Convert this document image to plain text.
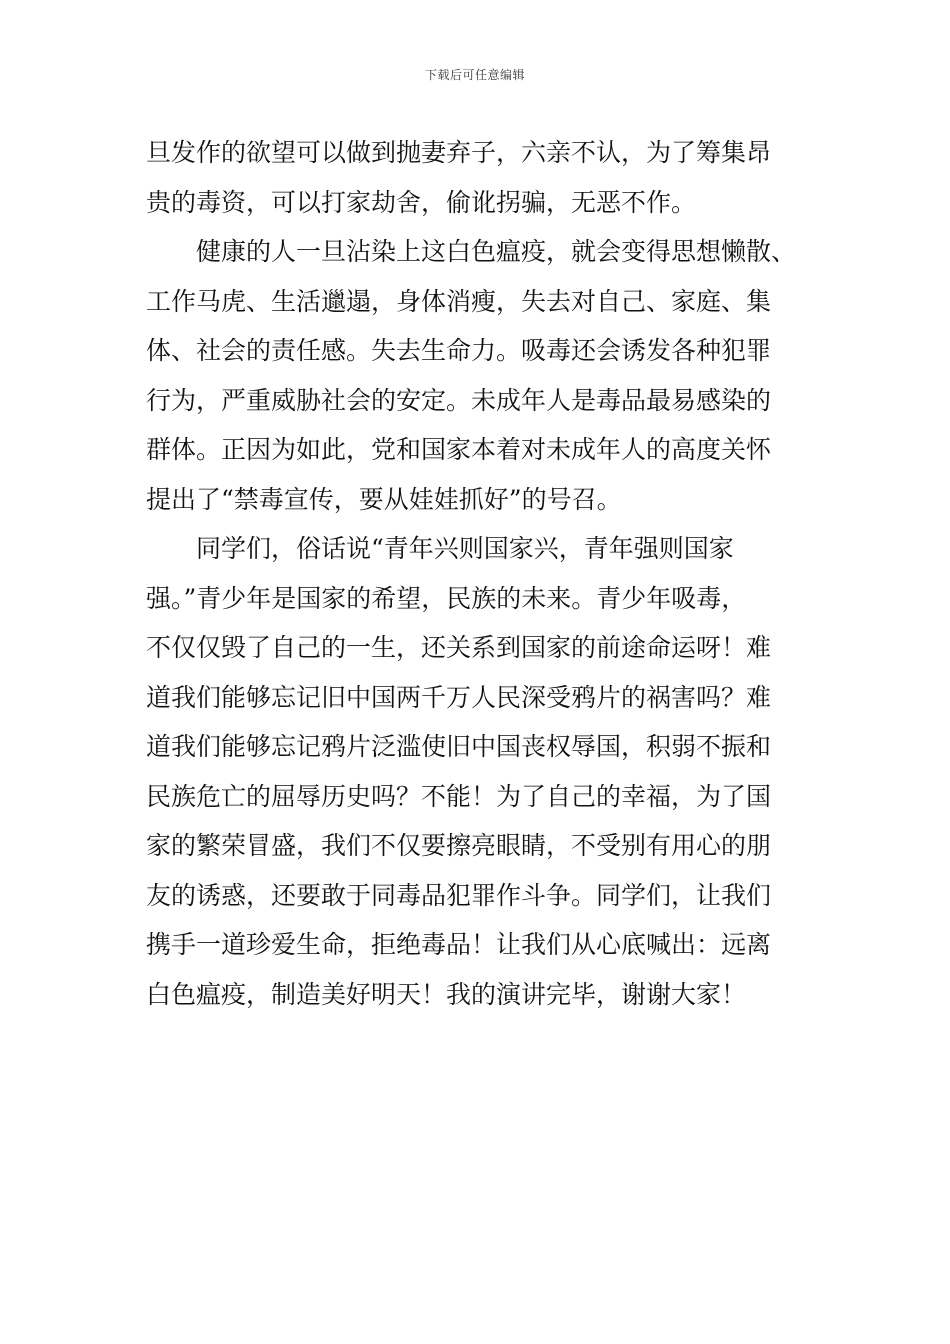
下载后可任意编辑
旦发作的欲望可以做到抛妻弃子，六亲不认，为了筹集昂
贵的毒资，可以打家劫舍，偷讹拐骗，无恶不作。
　　健康的人一旦沾染上这白色瘟疫，就会变得思想懒散、
工作马虎、生活邋遢，身体消瘦，失去对自己、家庭、集
体、社会的责任感。失去生命力。吸毒还会诱发各种犯罪
行为，严重威胁社会的安定。未成年人是毒品最易感染的
群体。正因为如此，党和国家本着对未成年人的高度关怀
提出了“禁毒宣传，要从娃娃抓好”的号召。
　　同学们，俗话说“青年兴则国家兴，青年强则国家
强。”青少年是国家的希望，民族的未来。青少年吸毒，
不仅仅毁了自己的一生，还关系到国家的前途命运呀！难
道我们能够忘记旧中国两千万人民深受鸦片的祸害吗？难
道我们能够忘记鸦片泛滥使旧中国丧权辱国，积弱不振和
民族危亡的屈辱历史吗？不能！为了自己的幸福，为了国
家的繁荣冒盛，我们不仅要擦亮眼睛，不受别有用心的朋
友的诱惑，还要敢于同毒品犯罪作斗争。同学们，让我们
携手一道珍爱生命，拒绝毒品！让我们从心底喊出：远离
白色瘟疫，制造美好明天！我的演讲完毕，谢谢大家！
